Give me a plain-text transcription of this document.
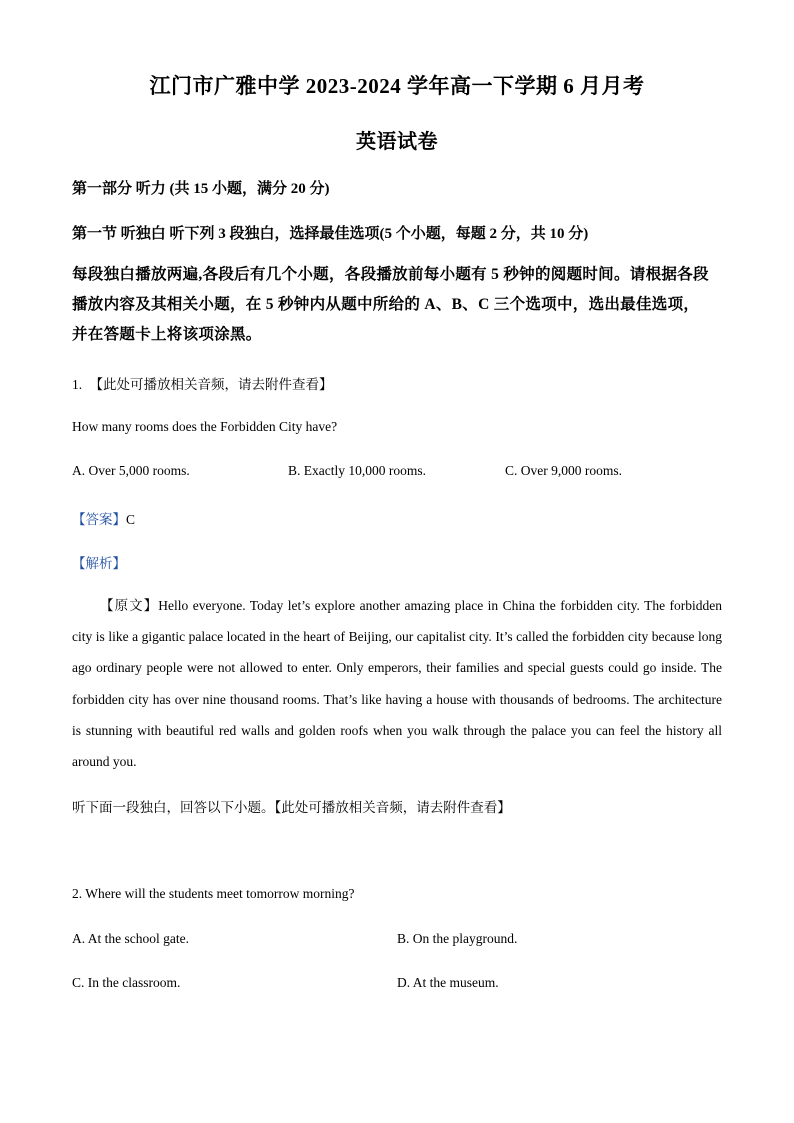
江门市广雅中学 2023-2024 学年高一下学期 6 月月考
英语试卷
第一部分 听力 (共 15 小题，满分 20 分)
第一节 听独白 听下列 3 段独白，选择最佳选项(5 个小题，每题 2 分，共 10 分)
每段独白播放两遍,各段后有几个小题，各段播放前每小题有 5 秒钟的阅题时间。请根据各段
播放内容及其相关小题，在 5 秒钟内从题中所给的 A、B、C 三个选项中，选出最佳选项，
并在答题卡上将该项涂黑。
1. 【此处可播放相关音频，请去附件查看】
How many rooms does the Forbidden City have?
A. Over 5,000 rooms.	B. Exactly 10,000 rooms.	C. Over 9,000 rooms.
【答案】C
【解析】
【原文】Hello everyone. Today let’s explore another amazing place in China the forbidden city. The forbidden city is like a gigantic palace located in the heart of Beijing, our capitalist city. It’s called the forbidden city because long ago ordinary people were not allowed to enter. Only emperors, their families and special guests could go inside. The forbidden city has over nine thousand rooms. That’s like having a house with thousands of bedrooms. The architecture is stunning with beautiful red walls and golden roofs when you walk through the palace you can feel the history all around you.
听下面一段独白，回答以下小题。【此处可播放相关音频，请去附件查看】
2. Where will the students meet tomorrow morning?
A. At the school gate.	B. On the playground.
C. In the classroom.	D. At the museum.
